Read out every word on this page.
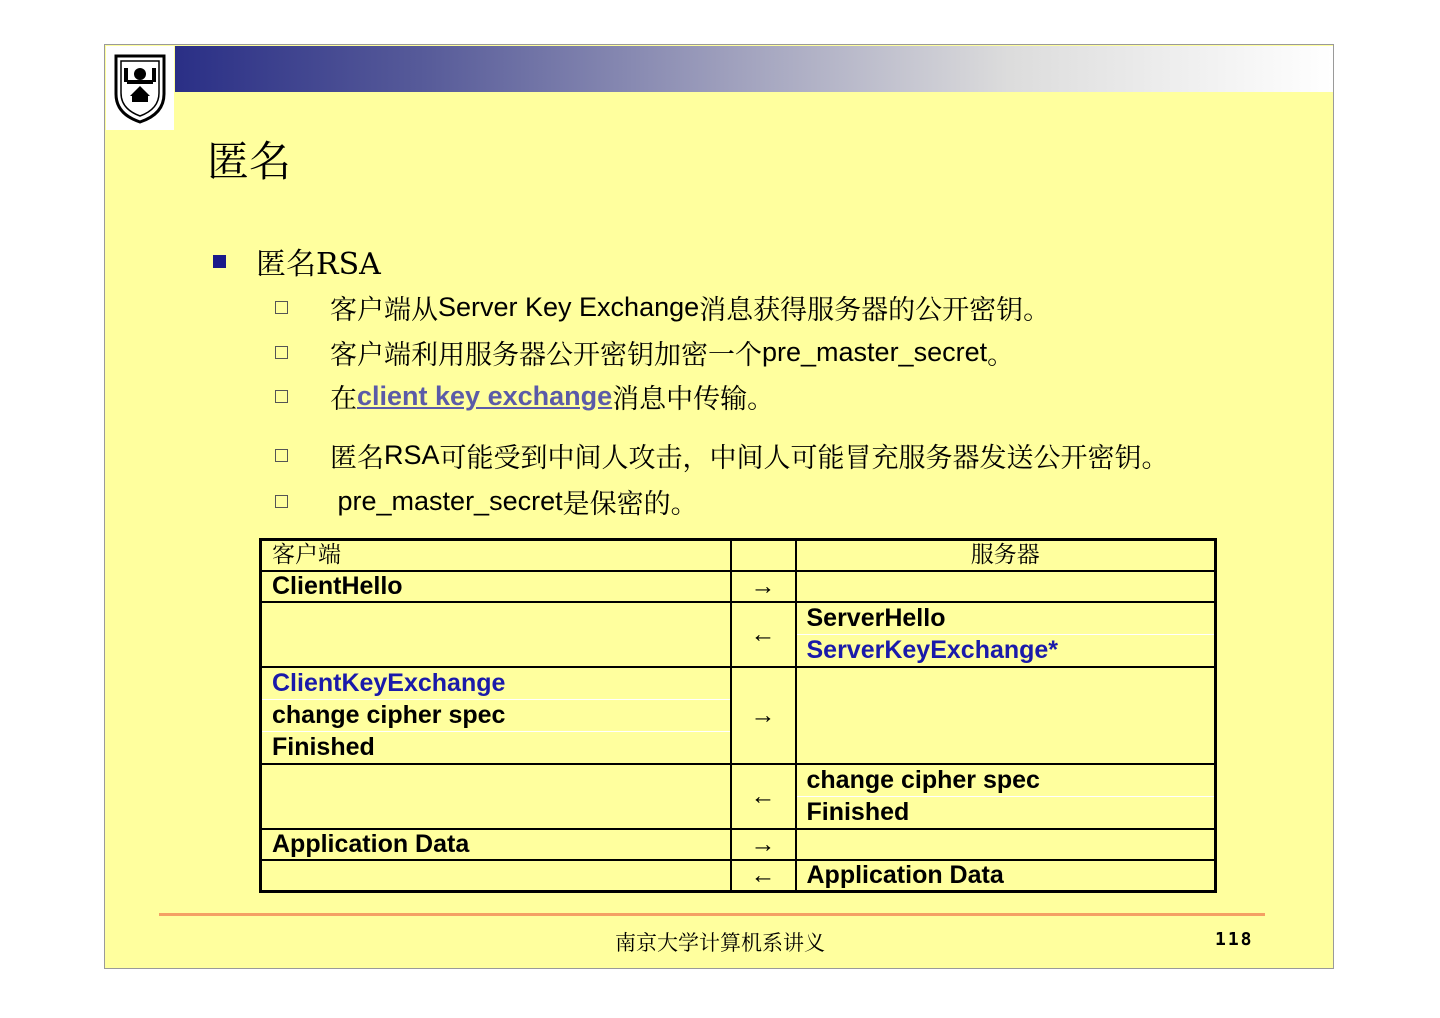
匿名
匿名RSA
客户端从 Server Key Exchange 消息获得服务器的公开密钥。
客户端利用服务器公开密钥加密一个 pre_master_secret 。
在 client key exchange 消息中传输。
匿名 RSA 可能受到中间人攻击，中间人可能冒充服务器发送公开密钥。
pre_master_secret 是保密的。
客户端		服务器
ClientHello	→	
	←	ServerHello
ServerKeyExchange*

ClientKeyExchange
change cipher spec
Finished	→	
	←	change cipher spec
Finished

Application Data	→	
	←	Application Data
南京大学计算机系讲义	118
